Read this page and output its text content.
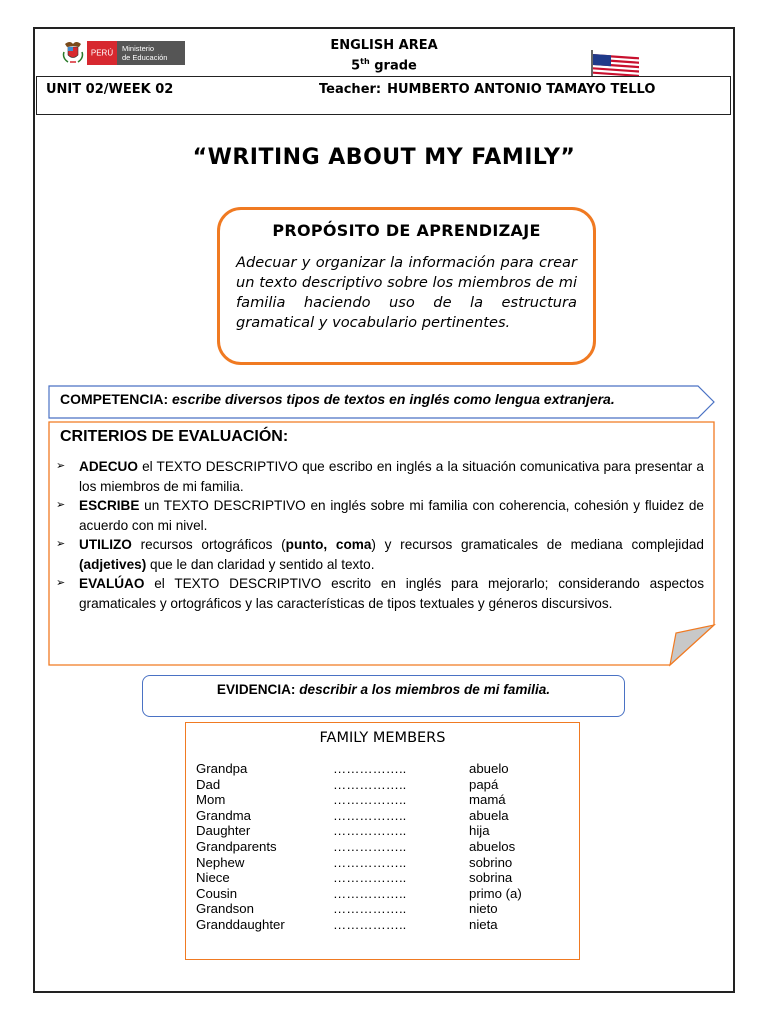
PERÚ Ministerio
de Educación
ENGLISH AREA
5th grade
UNIT 02/WEEK 02	Teacher: HUMBERTO ANTONIO TAMAYO TELLO
“WRITING ABOUT MY FAMILY”
PROPÓSITO DE APRENDIZAJE
Adecuar y organizar la información para crear un texto descriptivo sobre los miembros de mi familia haciendo uso de la estructura gramatical y vocabulario pertinentes.
COMPETENCIA: escribe diversos tipos de textos en inglés como lengua extranjera.
CRITERIOS DE EVALUACIÓN:
➢ ADECUO el TEXTO DESCRIPTIVO que escribo en inglés a la situación comunicativa para presentar a los miembros de mi familia.
➢ ESCRIBE un TEXTO DESCRIPTIVO en inglés sobre mi familia con coherencia, cohesión y fluidez de acuerdo con mi nivel.
➢ UTILIZO recursos ortográficos (punto, coma) y recursos gramaticales de mediana complejidad (adjetives) que le dan claridad y sentido al texto.
➢ EVALÚAO el TEXTO DESCRIPTIVO escrito en inglés para mejorarlo; considerando aspectos gramaticales y ortográficos y las características de tipos textuales y géneros discursivos.
EVIDENCIA: describir a los miembros de mi familia.
FAMILY MEMBERS
Grandpa	……………..	abuelo
Dad	……………..	papá
Mom	……………..	mamá
Grandma	……………..	abuela
Daughter	……………..	hija
Grandparents	……………..	abuelos
Nephew	……………..	sobrino
Niece	……………..	sobrina
Cousin	……………..	primo (a)
Grandson	……………..	nieto
Granddaughter	……………..	nieta
